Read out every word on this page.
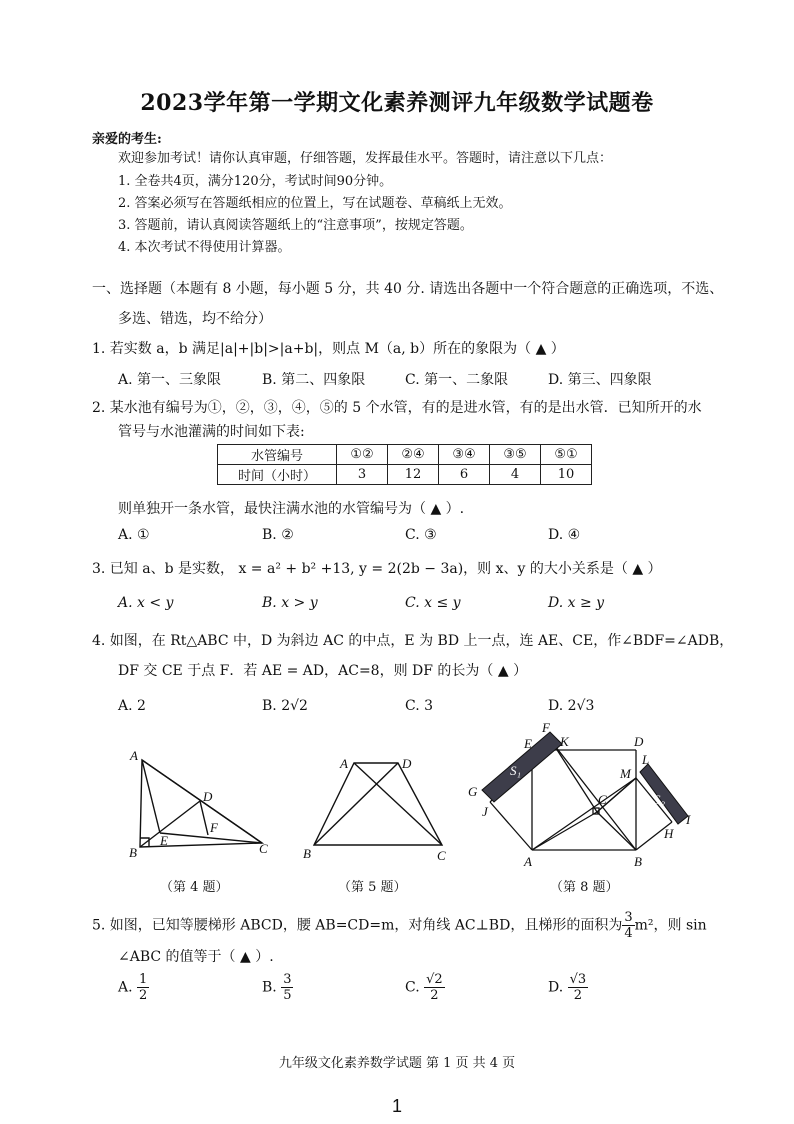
2023学年第一学期文化素养测评九年级数学试题卷
亲爱的考生:
欢迎参加考试！请你认真审题，仔细答题，发挥最佳水平。答题时，请注意以下几点：
1. 全卷共4页，满分120分，考试时间90分钟。
2. 答案必须写在答题纸相应的位置上，写在试题卷、草稿纸上无效。
3. 答题前，请认真阅读答题纸上的“注意事项”，按规定答题。
4. 本次考试不得使用计算器。
一、选择题（本题有 8 小题，每小题 5 分，共 40 分. 请选出各题中一个符合题意的正确选项，不选、
多选、错选，均不给分）
1. 若实数 a，b 满足|a|+|b|>|a+b|，则点 M（a, b）所在的象限为（ ▲ ）
A. 第一、三象限	B. 第二、四象限	C. 第一、二象限	D. 第三、四象限
2. 某水池有编号为①，②，③，④，⑤的 5 个水管，有的是进水管，有的是出水管．已知所开的水
管号与水池灌满的时间如下表:
水管编号	①②	②④	③④	③⑤	⑤①
时间（小时）	3	12	6	4	10
则单独开一条水管，最快注满水池的水管编号为（ ▲ ）.
A. ①	B. ②	C. ③	D. ④
3. 已知 a、b 是实数， x = a² + b² +13, y = 2(2b − 3a)，则 x、y 的大小关系是（ ▲ ）
A. x < y	B. x > y	C. x ≤ y	D. x ≥ y
4. 如图，在 Rt△ABC 中，D 为斜边 AC 的中点，E 为 BD 上一点，连 AE、CE，作∠BDF=∠ADB，
DF 交 CE 于点 F．若 AE = AD，AC=8，则 DF 的长为（ ▲ ）
A. 2	B. 2√2	C. 3	D. 2√3
A
B	C
D
E
F
（第 4 题）
A	D
B	C
（第 5 题）
E
F
K	D
G
J
S₁	M
L
C	S₂
I
H
A	B
（第 8 题）
5. 如图，已知等腰梯形 ABCD，腰 AB=CD=m，对角线 AC⊥BD，且梯形的面积为 $\frac{3}{4} m^2$，则 sin
∠ABC 的值等于（ ▲ ）.
A. $\frac{1}{2}$	B. $\frac{3}{5}$	C. $\frac{√2}{2}$	D. $\frac{√3}{2}$
九年级文化素养数学试题 第 1 页 共 4 页
1
